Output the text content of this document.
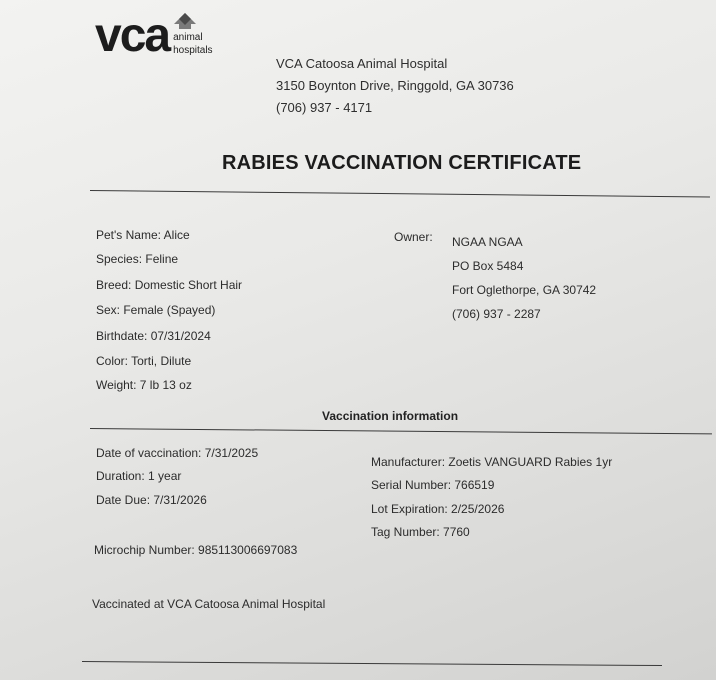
vca animal
hospitals
VCA Catoosa Animal Hospital
3150 Boynton Drive, Ringgold, GA 30736
(706) 937 - 4171
RABIES VACCINATION CERTIFICATE
Pet's Name: Alice
Species: Feline
Breed: Domestic Short Hair
Sex: Female (Spayed)
Birthdate: 07/31/2024
Color: Torti, Dilute
Weight: 7 lb 13 oz
Owner: NGAA NGAA
PO Box 5484
Fort Oglethorpe, GA 30742
(706) 937 - 2287
Vaccination information
Date of vaccination: 7/31/2025
Duration: 1 year
Date Due: 7/31/2026
Manufacturer: Zoetis VANGUARD Rabies 1yr
Serial Number: 766519
Lot Expiration: 2/25/2026
Tag Number: 7760
Microchip Number: 985113006697083
Vaccinated at VCA Catoosa Animal Hospital
